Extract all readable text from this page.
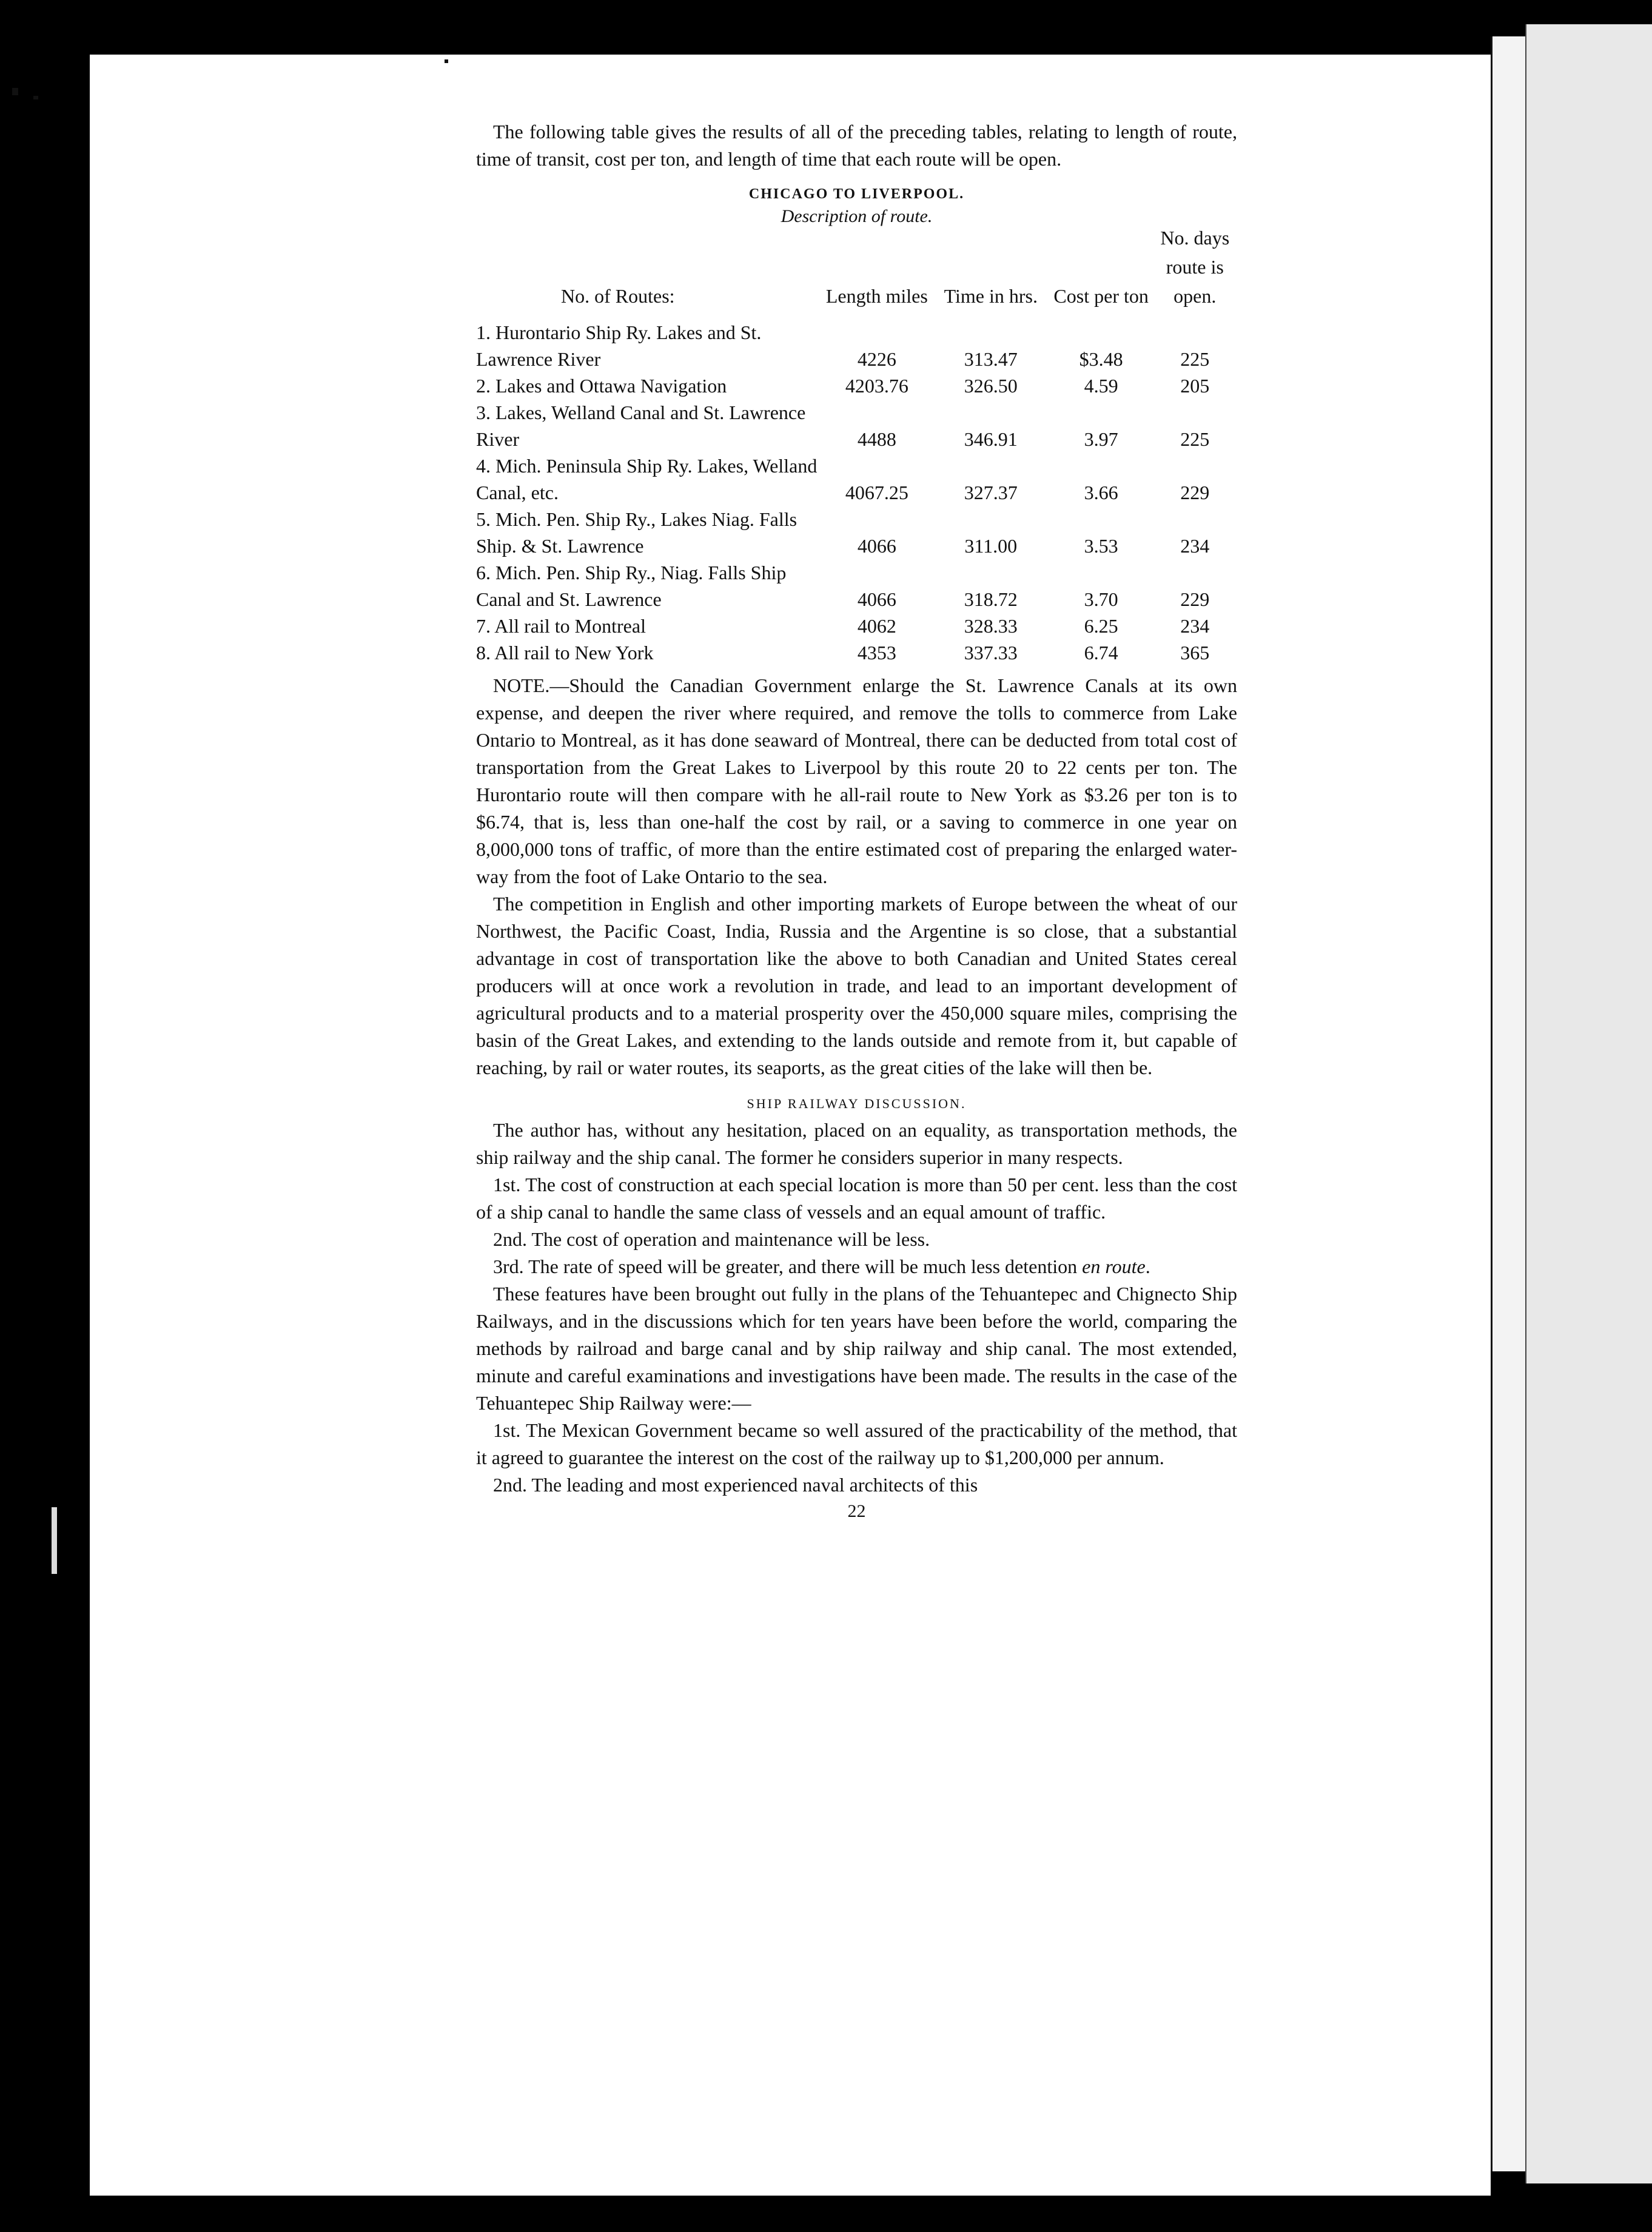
The following table gives the results of all of the preceding tables, relating to length of route, time of transit, cost per ton, and length of time that each route will be open.

CHICAGO TO LIVERPOOL.
Description of route.
No. of Routes:	Length miles	Time in hrs.	Cost per ton	No. days route is open.
1. Hurontario Ship Ry. Lakes and St. Lawrence River	4226	313.47	$3.48	225
2. Lakes and Ottawa Navigation	4203.76	326.50	4.59	205
3. Lakes, Welland Canal and St. Lawrence River	4488	346.91	3.97	225
4. Mich. Peninsula Ship Ry. Lakes, Welland Canal, etc.	4067.25	327.37	3.66	229
5. Mich. Pen. Ship Ry., Lakes Niag. Falls Ship. & St. Lawrence	4066	311.00	3.53	234
6. Mich. Pen. Ship Ry., Niag. Falls Ship Canal and St. Lawrence	4066	318.72	3.70	229
7. All rail to Montreal	4062	328.33	6.25	234
8. All rail to New York	4353	337.33	6.74	365

NOTE.—Should the Canadian Government enlarge the St. Lawrence Canals at its own expense, and deepen the river where required, and remove the tolls to commerce from Lake Ontario to Montreal, as it has done seaward of Montreal, there can be deducted from total cost of transportation from the Great Lakes to Liverpool by this route 20 to 22 cents per ton. The Hurontario route will then compare with he all-rail route to New York as $3.26 per ton is to $6.74, that is, less than one-half the cost by rail, or a saving to commerce in one year on 8,000,000 tons of traffic, of more than the entire estimated cost of preparing the enlarged water-way from the foot of Lake Ontario to the sea.

The competition in English and other importing markets of Europe between the wheat of our Northwest, the Pacific Coast, India, Russia and the Argentine is so close, that a substantial advantage in cost of transportation like the above to both Canadian and United States cereal producers will at once work a revolution in trade, and lead to an important development of agricultural products and to a material prosperity over the 450,000 square miles, comprising the basin of the Great Lakes, and extending to the lands outside and remote from it, but capable of reaching, by rail or water routes, its seaports, as the great cities of the lake will then be.

SHIP RAILWAY DISCUSSION.

The author has, without any hesitation, placed on an equality, as transportation methods, the ship railway and the ship canal. The former he considers superior in many respects.

1st. The cost of construction at each special location is more than 50 per cent. less than the cost of a ship canal to handle the same class of vessels and an equal amount of traffic.

2nd. The cost of operation and maintenance will be less.

3rd. The rate of speed will be greater, and there will be much less detention en route.

These features have been brought out fully in the plans of the Tehuantepec and Chignecto Ship Railways, and in the discussions which for ten years have been before the world, comparing the methods by railroad and barge canal and by ship railway and ship canal. The most extended, minute and careful examinations and investigations have been made. The results in the case of the Tehuantepec Ship Railway were:—

1st. The Mexican Government became so well assured of the practicability of the method, that it agreed to guarantee the interest on the cost of the railway up to $1,200,000 per annum.

2nd. The leading and most experienced naval architects of this

22
